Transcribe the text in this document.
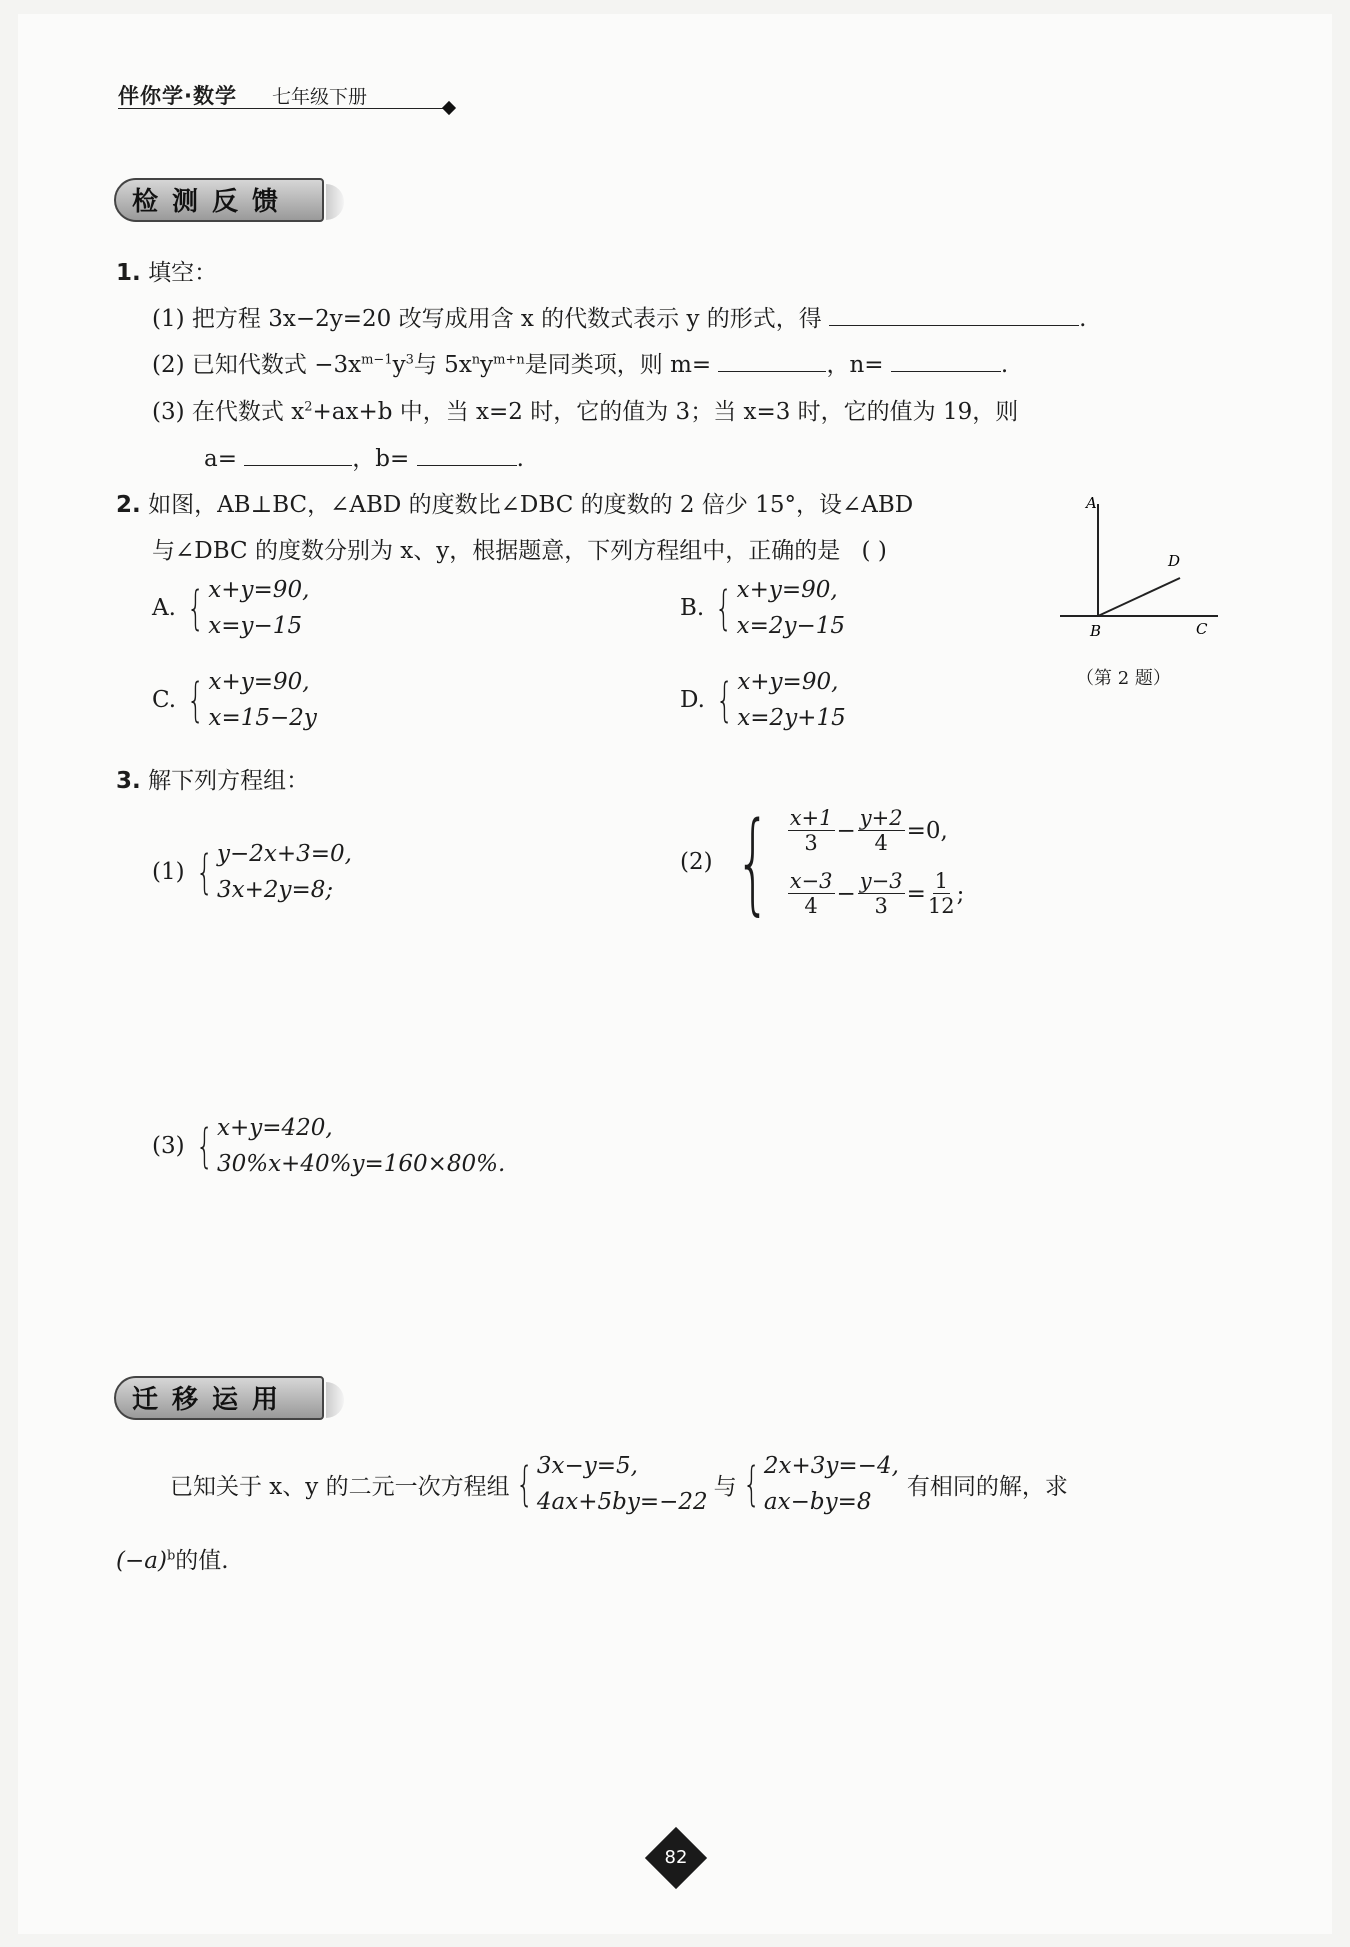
伴你学·数学 七年级下册
检测反馈
1. 填空：
(1) 把方程 3x−2y=20 改写成用含 x 的代数式表示 y 的形式，得	.
(2) 已知代数式 $-3x^{m-1}y^3$与 $5x^ny^{m+n}$是同类项，则 m=	，n=	.
(3) 在代数式 $x^2+ax+b$ 中，当 x=2 时，它的值为 3；当 x=3 时，它的值为 19，则
a=	，b=	.
2. 如图，AB⊥BC，∠ABD 的度数比∠DBC 的度数的 2 倍少 15°，设∠ABD
与∠DBC 的度数分别为 x、y，根据题意，下列方程组中，正确的是 ( )
A. { x+y=90,
x=y−15
B. { x+y=90,
x=2y−15
C. { x+y=90,
x=15−2y
D. { x+y=90,
x=2y+15
A
B	C
D
（第 2 题）
3. 解下列方程组：
(1) { y−2x+3=0,
3x+2y=8;
(2) { $\frac{x+1}{3} - \frac{y+2}{4} =0$,
$\frac{x-3}{4} - \frac{y-3}{3} = \frac{1}{12}$ ;
(3) { x+y=420,
30%x+40%y=160×80%.
迁移运用
已知关于 x、y 的二元一次方程组 { 3x−y=5,
4ax+5by=−22
与 { 2x+3y=−4,
ax−by=8
有相同的解，求
$(-a)^b$的值.
82
